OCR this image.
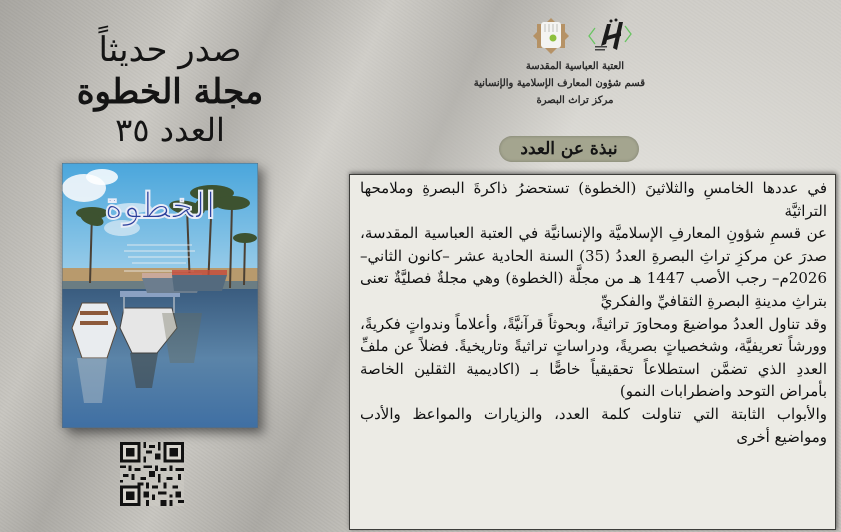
صدر حديثاً
مجلة الخطوة
العدد ٣٥
الخطوة
العتبة العباسية المقدسة
قسم شؤون المعارف الإسلامية والإنسانية
مركز تراث البصرة
نبذة عن العدد

في عددها الخامسِ والثلاثينَ (الخطوة) تستحضرُ ذاكرةَ البصرةِ وملامحها التراثيَّة

عن قسمِ شؤونِ المعارفِ الإسلاميَّة والإنسانيَّة في العتبة العباسية المقدسة، صدرَ عن مركزِ تراثِ البصرةِ العددُ (35) السنة الحادية عشر –كانون الثاني– 2026م– رجب الأصب 1447 هـ من مجلَّة (الخطوة) وهي مجلةٌ فصليَّةٌ تعنى بتراثِ مدينةِ البصرةِ الثقافيِّ والفكريِّ

وقد تناول العددُ مواضيعَ ومحاورَ تراثيةً، وبحوثاً قرآنيَّةً، وأعلاماً وندواتٍ فكريةً، وورشاً تعريفيَّة، وشخصياتٍ بصريةً، ودراساتٍ تراثيةً وتاريخيةً. فضلاً عن ملفِّ العددِ الذي تضمَّن استطلاعاً تحقيقياً خاصًّا بـ (اكاديمية الثقلين الخاصة بأمراض التوحد واضطرابات النمو)

والأبواب الثابتة التي تناولت كلمة العدد، والزيارات والمواعظ والأدب ومواضيع أخرى
